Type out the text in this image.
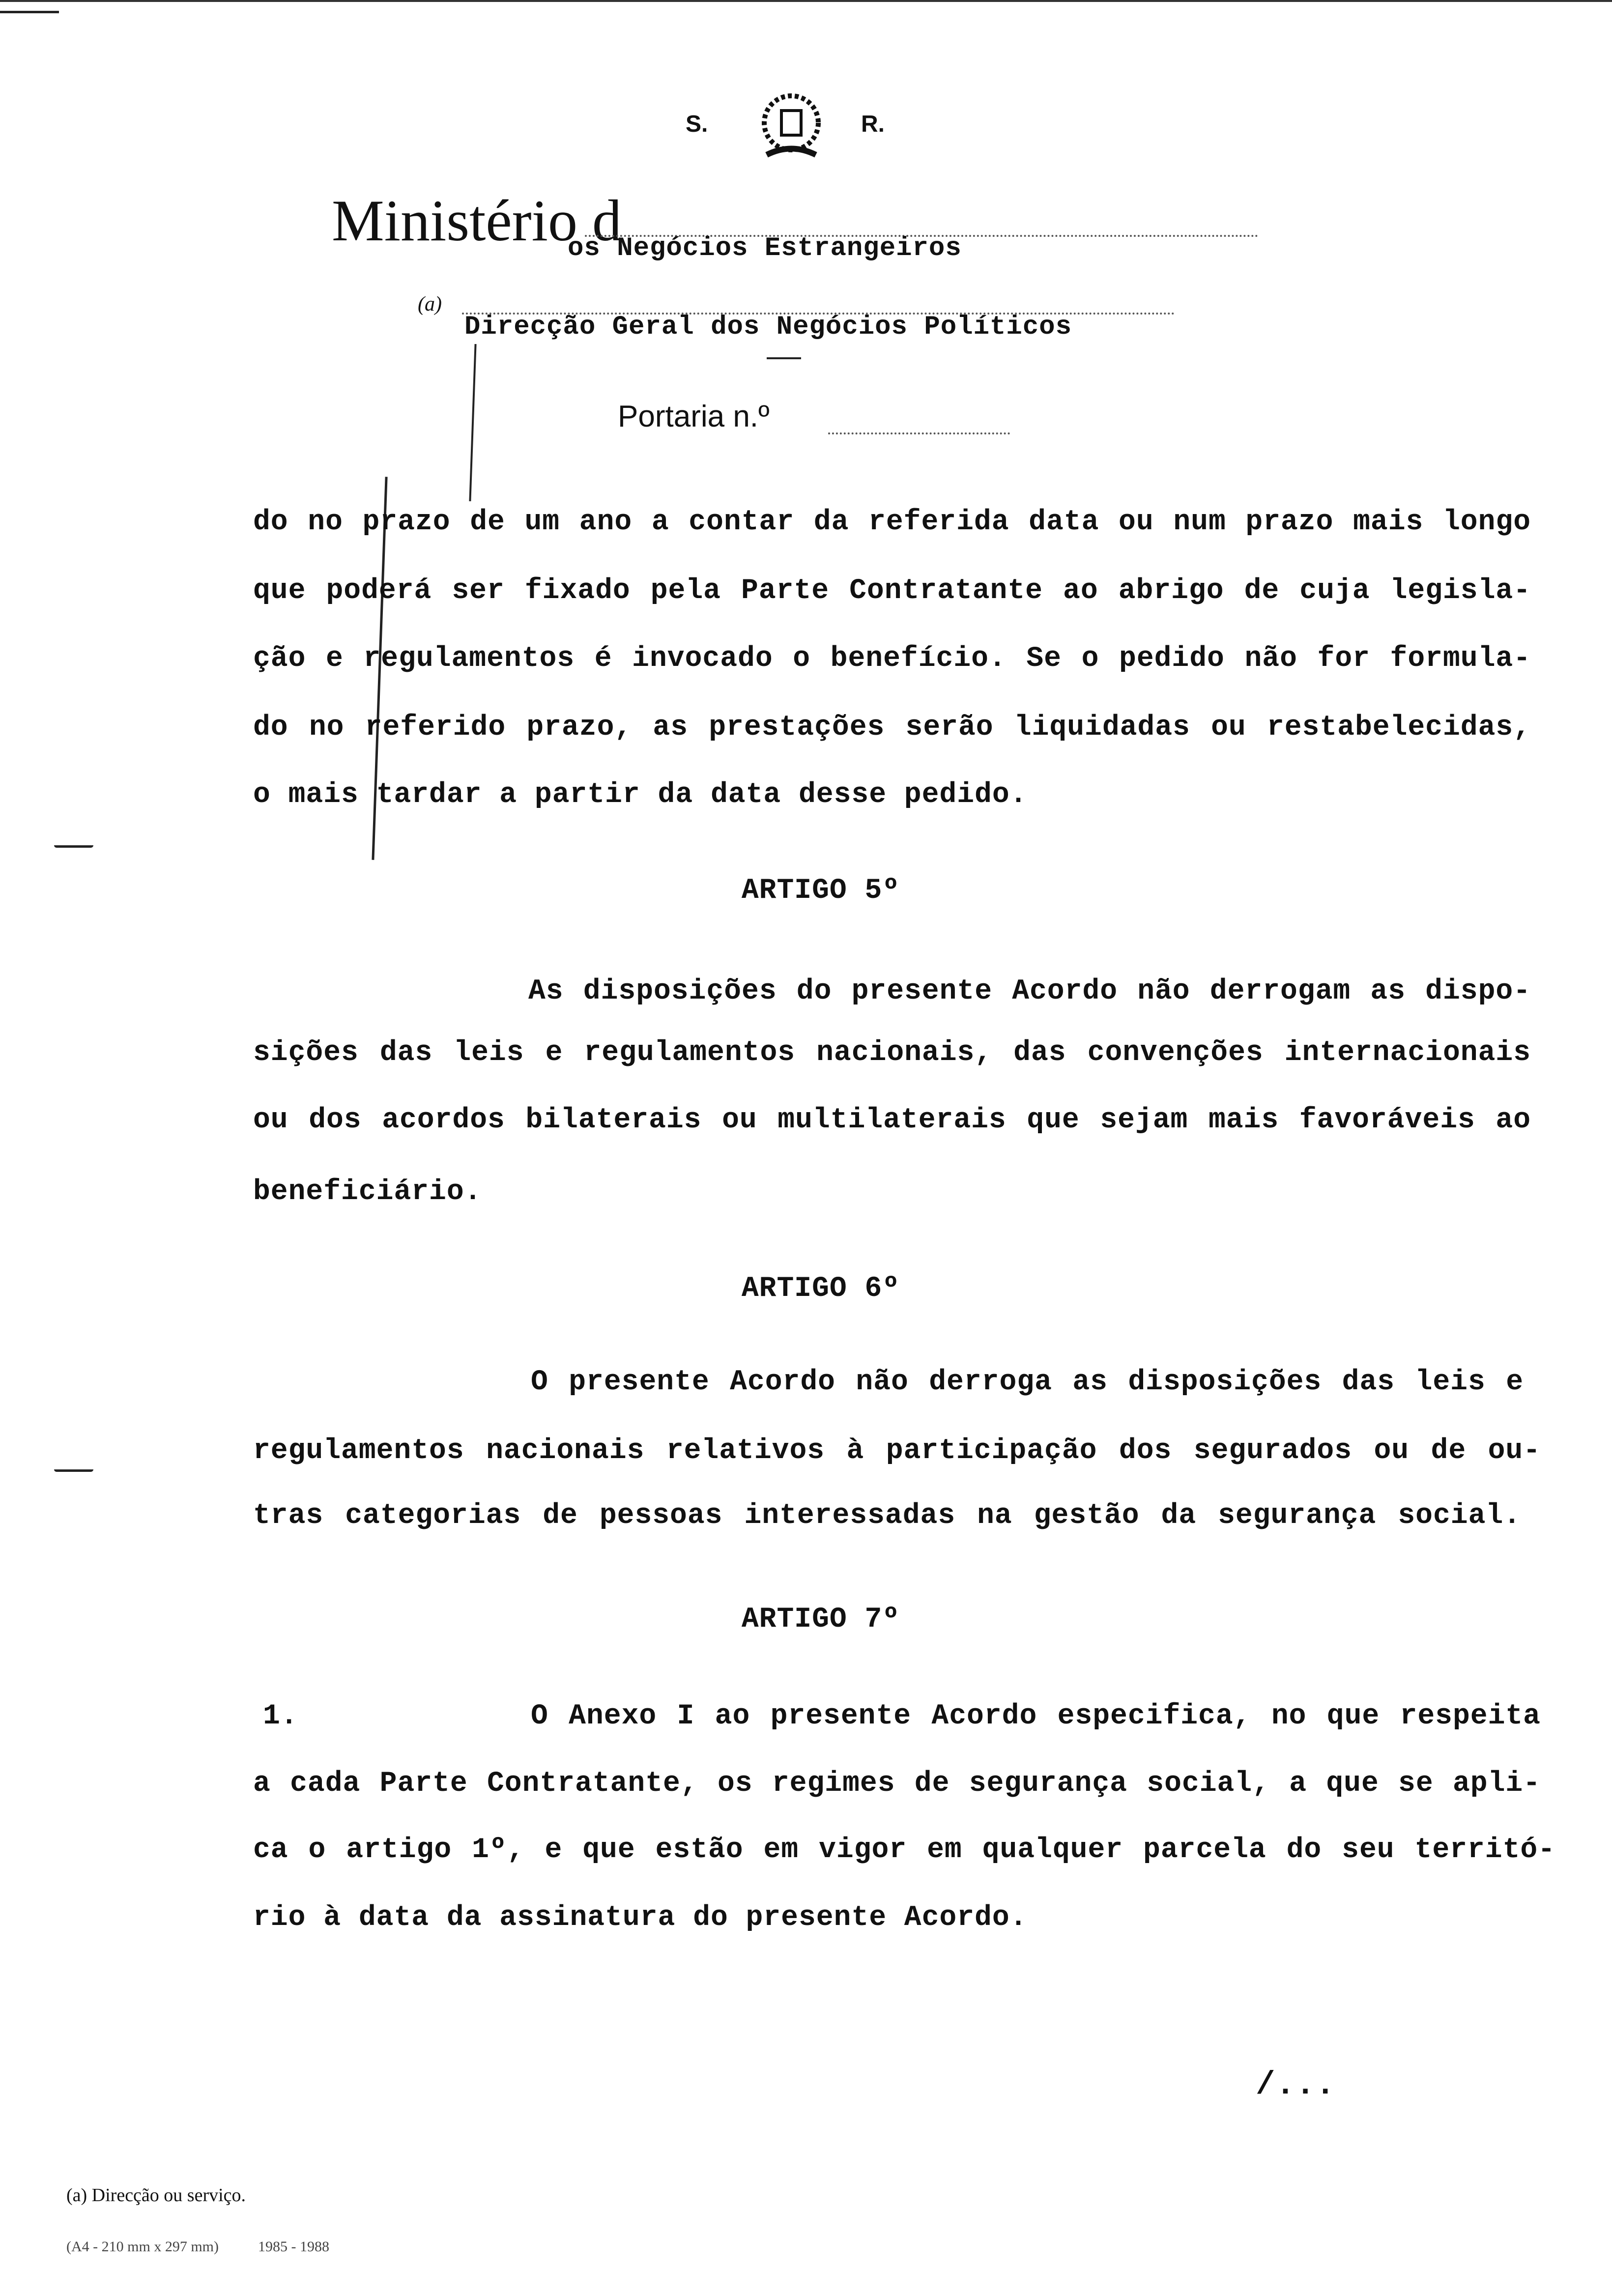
S.	R.
Ministério d
os Negócios Estrangeiros
(a)
Direcção Geral dos Negócios Políticos
Portaria n.º
do no prazo de um ano a contar da referida data ou num prazo mais longo
que poderá ser fixado pela Parte Contratante ao abrigo de cuja legisla-
ção e regulamentos é invocado o benefício. Se o pedido não for formula-
do no referido prazo, as prestações serão liquidadas ou restabelecidas,
o mais tardar a partir da data desse pedido.
ARTIGO 5º
As disposições do presente Acordo não derrogam as dispo-
sições das leis e regulamentos nacionais, das convenções internacionais
ou dos acordos bilaterais ou multilaterais que sejam mais favoráveis ao
beneficiário.
ARTIGO 6º
O presente Acordo não derroga as disposições das leis e
regulamentos nacionais relativos à participação dos segurados ou de ou-
tras categorias de pessoas interessadas na gestão da segurança social.
ARTIGO 7º
1.	O Anexo I ao presente Acordo especifica, no que respeita
a cada Parte Contratante, os regimes de segurança social, a que se apli-
ca o artigo 1º, e que estão em vigor em qualquer parcela do seu territó-
rio à data da assinatura do presente Acordo.
/...
(a) Direcção ou serviço.
(A4 - 210 mm x 297 mm)	1985 - 1988
